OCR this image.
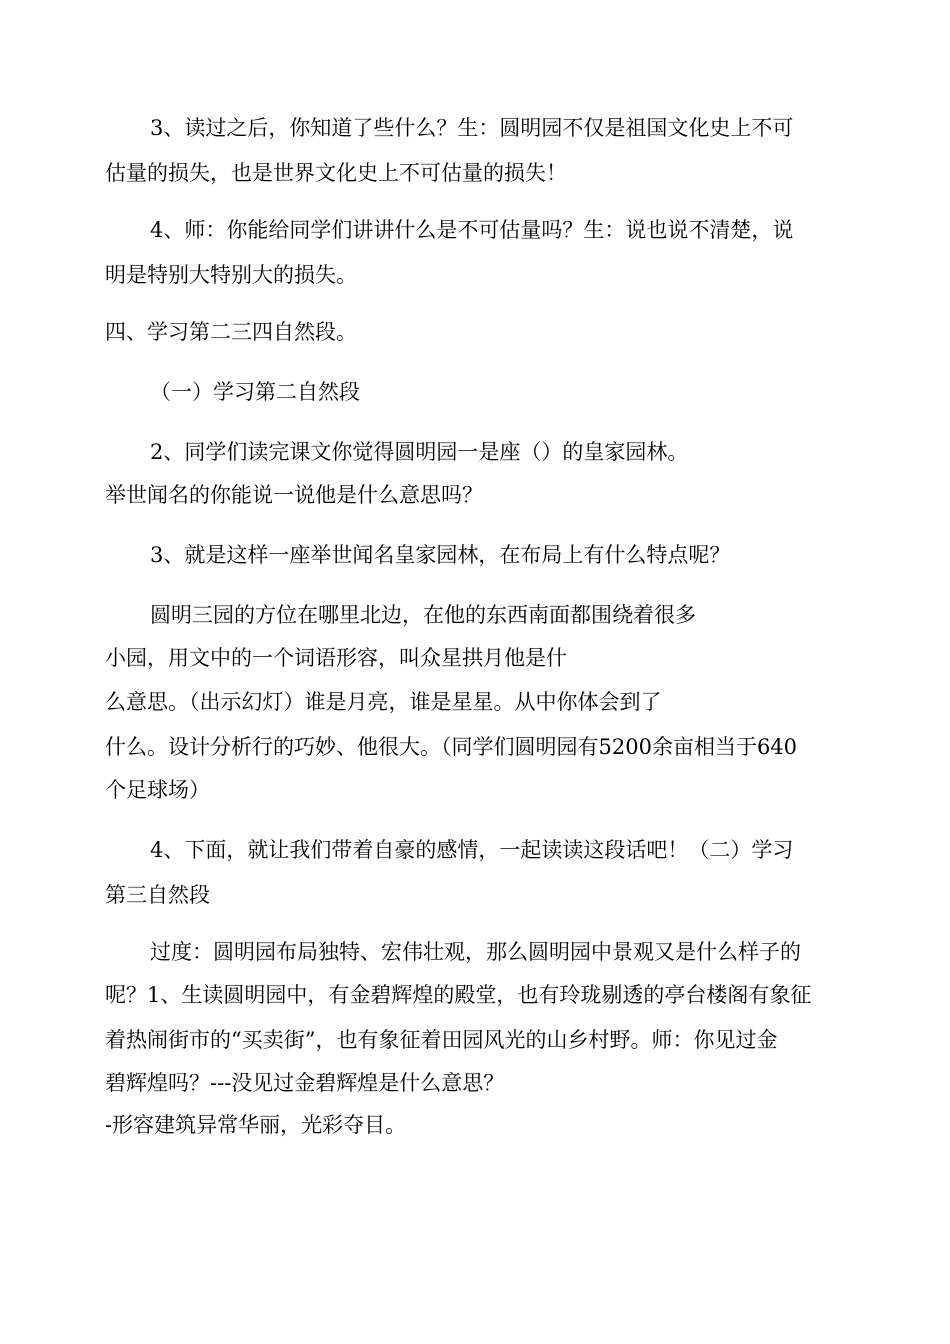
3、读过之后，你知道了些什么？生：圆明园不仅是祖国文化史上不可
估量的损失，也是世界文化史上不可估量的损失！
4、师：你能给同学们讲讲什么是不可估量吗？生：说也说不清楚，说
明是特别大特别大的损失。
四、学习第二三四自然段。
（一）学习第二自然段
2、同学们读完课文你觉得圆明园一是座（）的皇家园林。
举世闻名的你能说一说他是什么意思吗？
3、就是这样一座举世闻名皇家园林，在布局上有什么特点呢？
圆明三园的方位在哪里北边，在他的东西南面都围绕着很多
小园，用文中的一个词语形容，叫众星拱月他是什
么意思。（出示幻灯）谁是月亮，谁是星星。从中你体会到了
什么。设计分析行的巧妙、他很大。（同学们圆明园有5200余亩相当于640
个足球场）
4、下面，就让我们带着自豪的感情，一起读读这段话吧！（二）学习
第三自然段
过度：圆明园布局独特、宏伟壮观，那么圆明园中景观又是什么样子的
呢？1、生读圆明园中，有金碧辉煌的殿堂，也有玲珑剔透的亭台楼阁有象征
着热闹街市的“买卖街”，也有象征着田园风光的山乡村野。师：你见过金
碧辉煌吗？---没见过金碧辉煌是什么意思？
-形容建筑异常华丽，光彩夺目。
